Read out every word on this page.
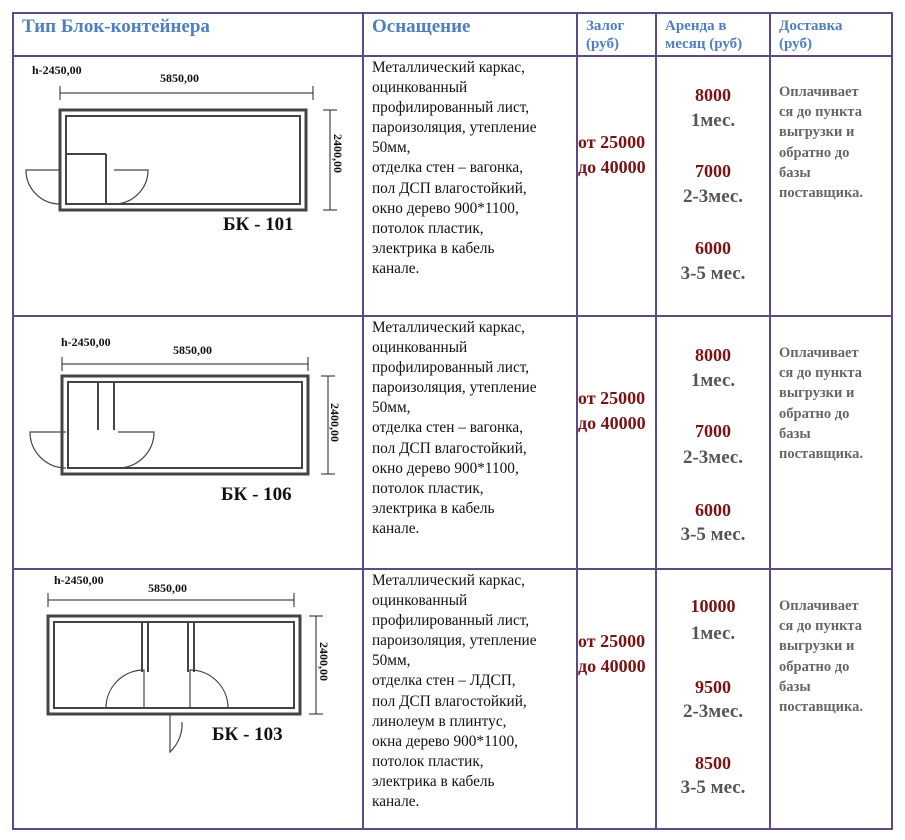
Тип Блок-контейнера	Оснащение	Залог
(руб)
Аренда в
месяц (руб)
Доставка
(руб)
h-2450,00
5850,00
2400,00
БК - 101
Металлический каркас,
оцинкованный
профилированный лист,
пароизоляция, утепление
50мм,
отделка стен – вагонка,
пол ДСП влагостойкий,
окно дерево 900*1100,
потолок пластик,
электрика в кабель
канале.
от 25000
до 40000
8000
1мес.
7000
2-3мес.
6000
3-5 мес.
Оплачивает
ся до пункта
выгрузки и
обратно до
базы
поставщика.
h-2450,00
5850,00
2400,00
БК - 106
Металлический каркас,
оцинкованный
профилированный лист,
пароизоляция, утепление
50мм,
отделка стен – вагонка,
пол ДСП влагостойкий,
окно дерево 900*1100,
потолок пластик,
электрика в кабель
канале.
от 25000
до 40000
8000
1мес.
7000
2-3мес.
6000
3-5 мес.
Оплачивает
ся до пункта
выгрузки и
обратно до
базы
поставщика.
h-2450,00
5850,00
2400,00
БК - 103
Металлический каркас,
оцинкованный
профилированный лист,
пароизоляция, утепление
50мм,
отделка стен – ЛДСП,
пол ДСП влагостойкий,
линолеум в плинтус,
окна дерево 900*1100,
потолок пластик,
электрика в кабель
канале.
от 25000
до 40000
10000
1мес.
9500
2-3мес.
8500
3-5 мес.
Оплачивает
ся до пункта
выгрузки и
обратно до
базы
поставщика.
